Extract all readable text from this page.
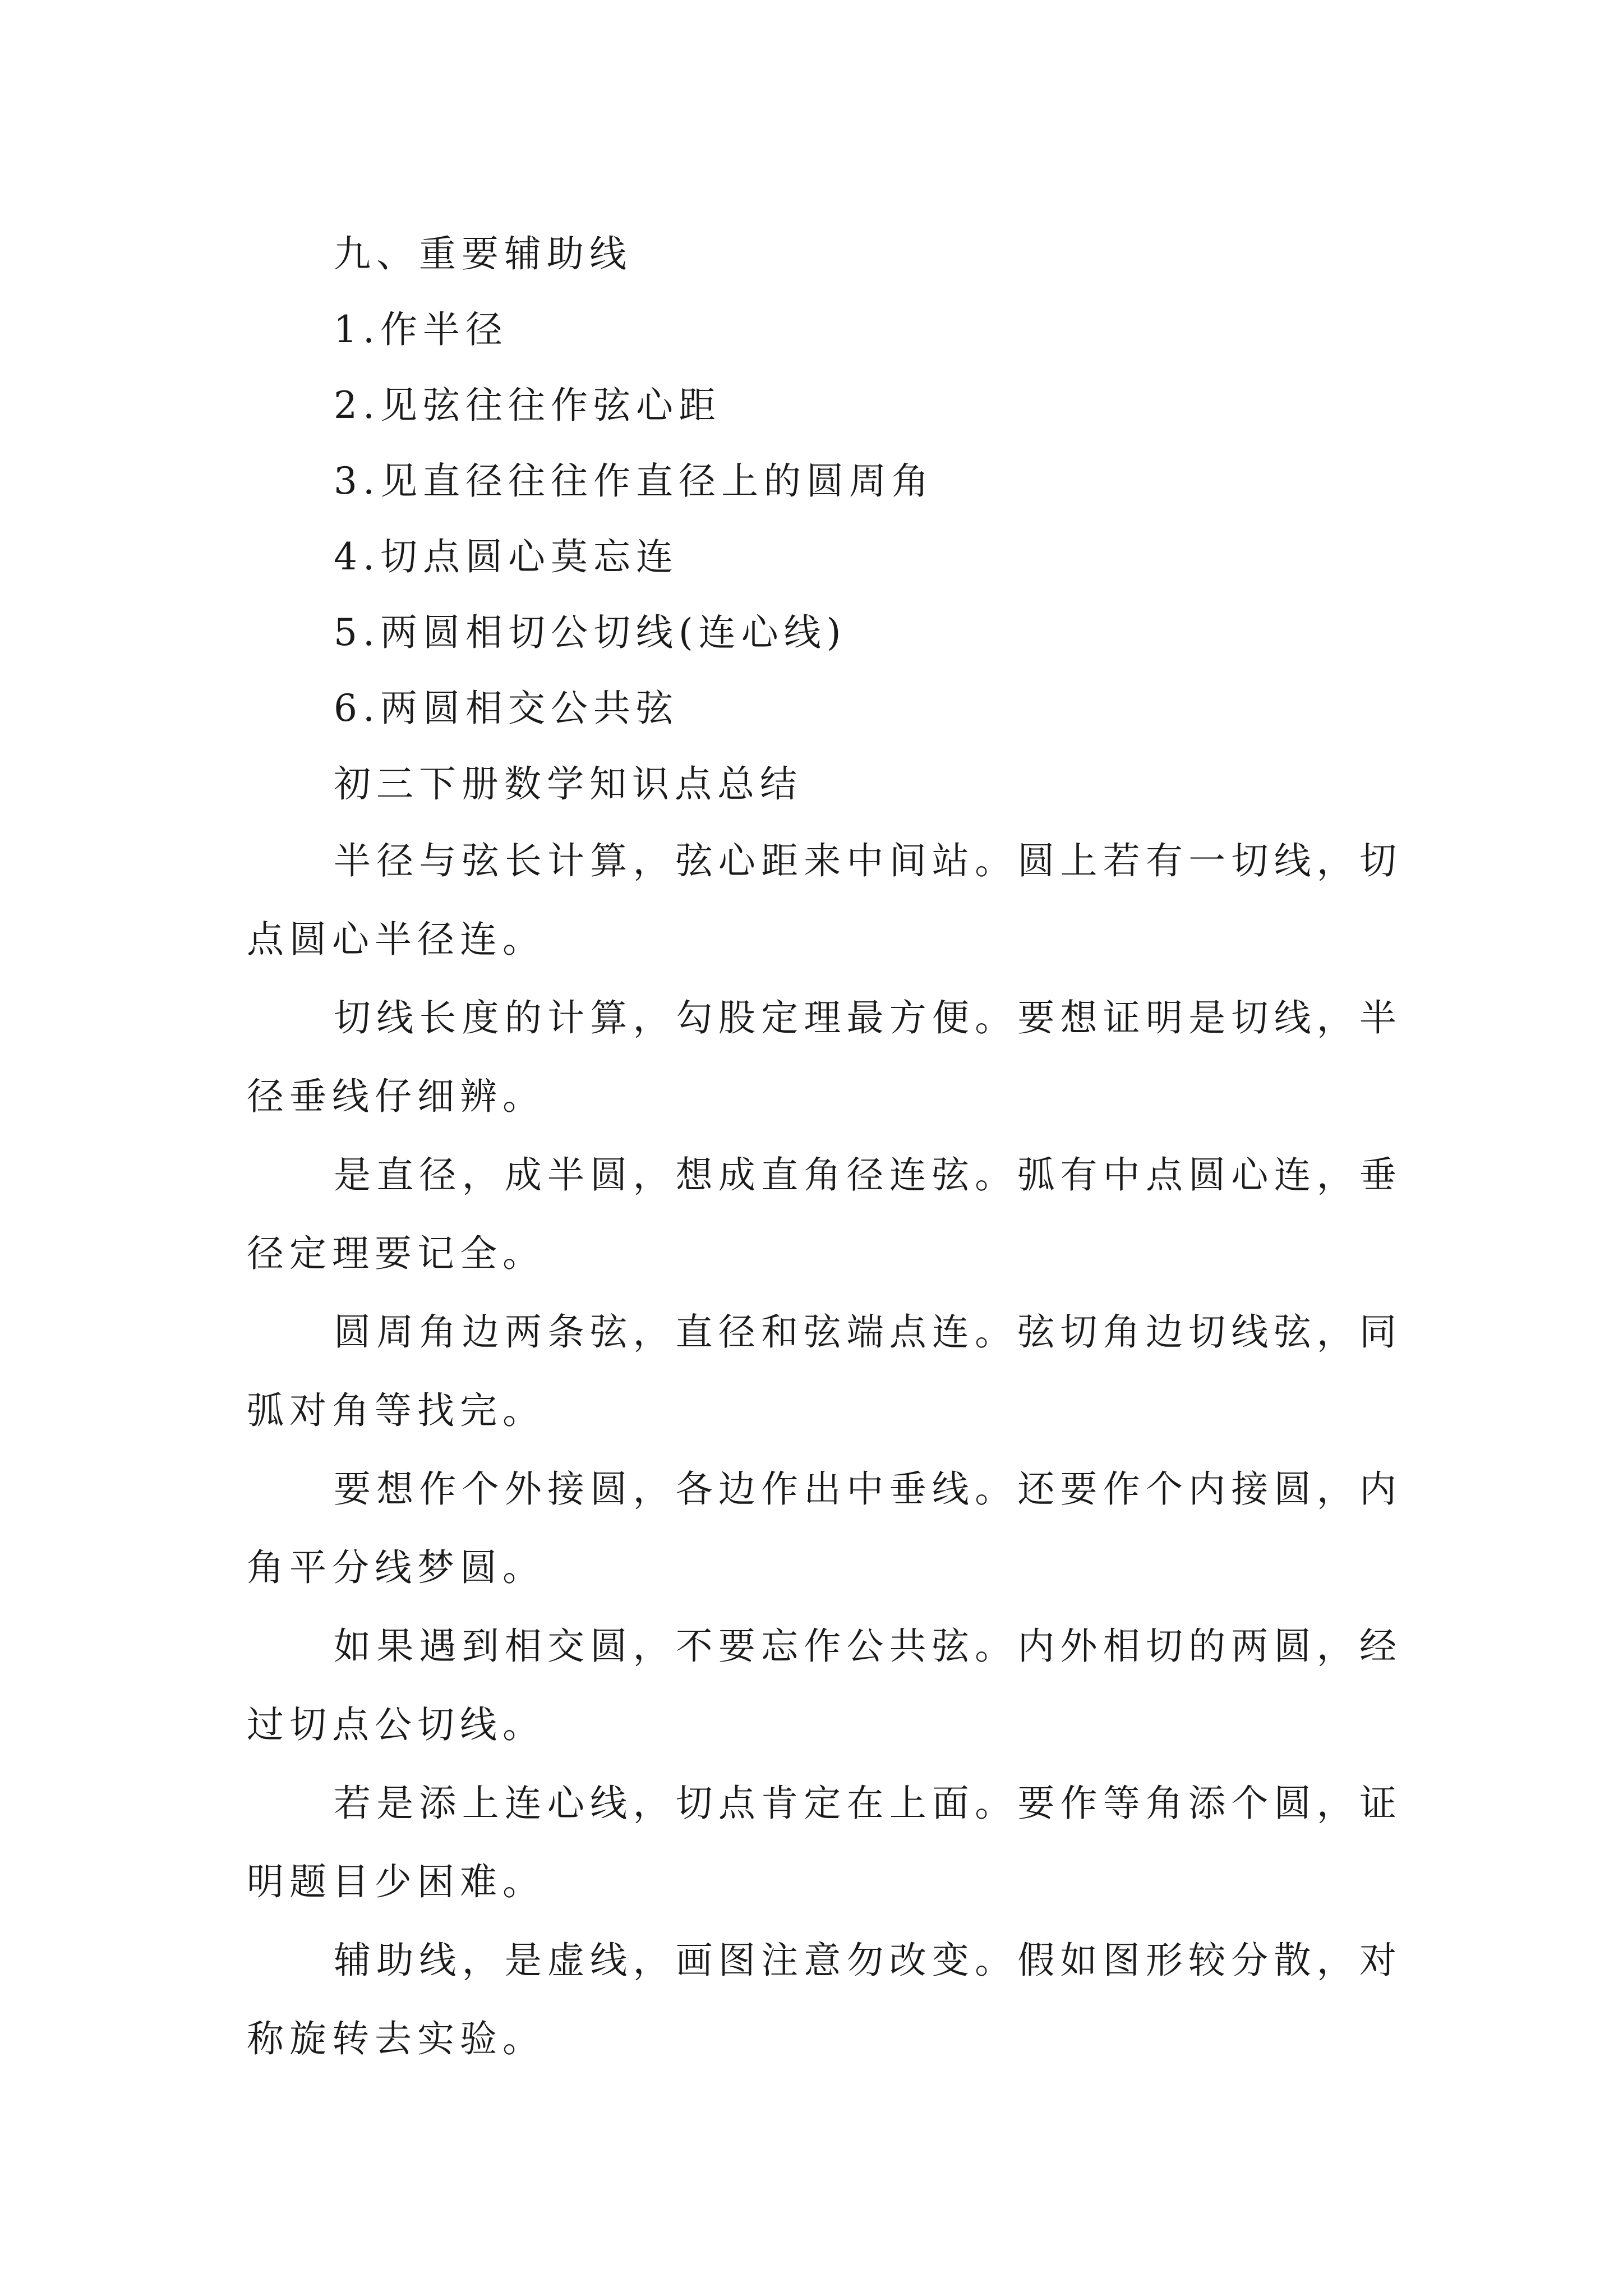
九、重要辅助线

1.作半径

2.见弦往往作弦心距

3.见直径往往作直径上的圆周角

4.切点圆心莫忘连

5.两圆相切公切线(连心线)

6.两圆相交公共弦

初三下册数学知识点总结

半径与弦长计算，弦心距来中间站。圆上若有一切线，切点圆心半径连。

切线长度的计算，勾股定理最方便。要想证明是切线，半径垂线仔细辨。

是直径，成半圆，想成直角径连弦。弧有中点圆心连，垂径定理要记全。

圆周角边两条弦，直径和弦端点连。弦切角边切线弦，同弧对角等找完。

要想作个外接圆，各边作出中垂线。还要作个内接圆，内角平分线梦圆。

如果遇到相交圆，不要忘作公共弦。内外相切的两圆，经过切点公切线。

若是添上连心线，切点肯定在上面。要作等角添个圆，证明题目少困难。

辅助线，是虚线，画图注意勿改变。假如图形较分散，对称旋转去实验。
